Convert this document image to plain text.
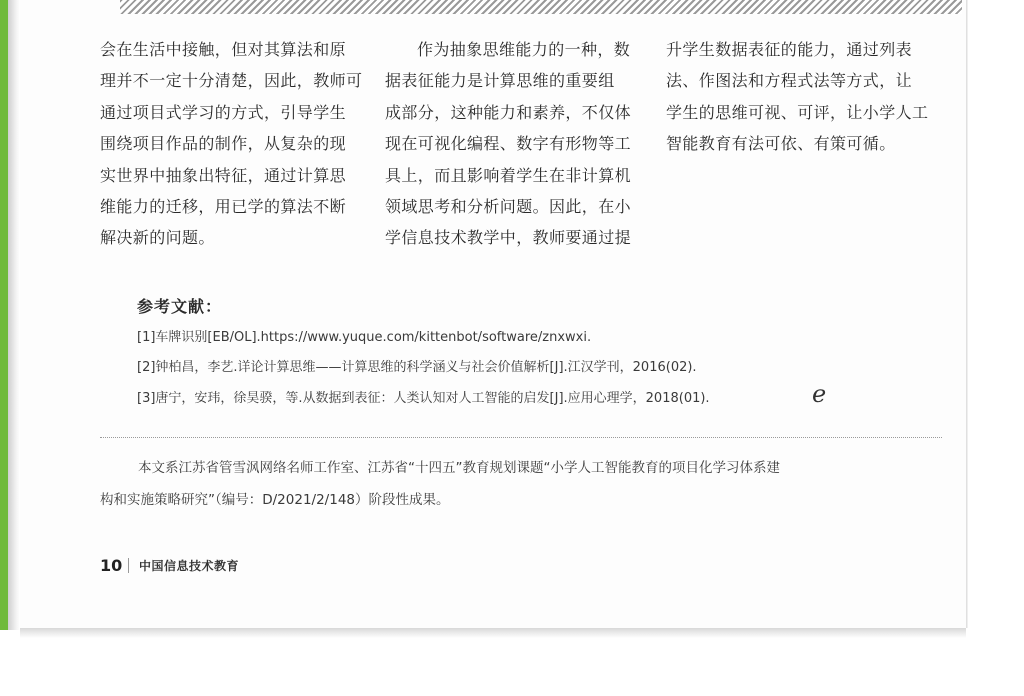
会在生活中接触，但对其算法和原
理并不一定十分清楚，因此，教师可
通过项目式学习的方式，引导学生
围绕项目作品的制作，从复杂的现
实世界中抽象出特征，通过计算思
维能力的迁移，用已学的算法不断
解决新的问题。
作为抽象思维能力的一种，数
据表征能力是计算思维的重要组
成部分，这种能力和素养，不仅体
现在可视化编程、数字有形物等工
具上，而且影响着学生在非计算机
领域思考和分析问题。因此，在小
学信息技术教学中，教师要通过提
升学生数据表征的能力，通过列表
法、作图法和方程式法等方式，让
学生的思维可视、可评，让小学人工
智能教育有法可依、有策可循。
参考文献：
[1]车牌识别[EB/OL].https://www.yuque.com/kittenbot/software/znxwxi.
[2]钟柏昌，李艺.详论计算思维——计算思维的科学涵义与社会价值解析[J].江汉学刊，2016(02).
[3]唐宁，安玮，徐昊骙，等.从数据到表征：人类认知对人工智能的启发[J].应用心理学，2018(01).	e
本文系江苏省管雪沨网络名师工作室、江苏省“十四五”教育规划课题“小学人工智能教育的项目化学习体系建
构和实施策略研究”（编号：D/2021/2/148）阶段性成果。
10 中国信息技术教育
